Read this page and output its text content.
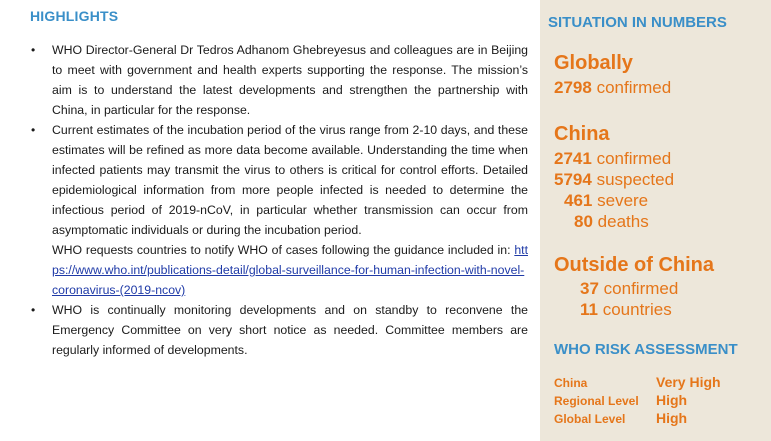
HIGHLIGHTS
• WHO Director-General Dr Tedros Adhanom Ghebreyesus and colleagues are in Beijing to meet with government and health experts supporting the response. The mission’s aim is to understand the latest developments and strengthen the partnership with China, in particular for the response.

• Current estimates of the incubation period of the virus range from 2-10 days, and these estimates will be refined as more data become available. Understanding the time when infected patients may transmit the virus to others is critical for control efforts. Detailed epidemiological information from more people infected is needed to determine the infectious period of 2019-nCoV, in particular whether transmission can occur from asymptomatic individuals or during the incubation period.

WHO requests countries to notify WHO of cases following the guidance included in: https://www.who.int/publications-detail/global-surveillance-for-human-infection-with-novel-coronavirus-(2019-ncov)

• WHO is continually monitoring developments and on standby to reconvene the Emergency Committee on very short notice as needed. Committee members are regularly informed of developments.

SITUATION IN NUMBERS
Globally
2798 confirmed
China
2741 confirmed
5794 suspected
461 severe
80 deaths
Outside of China
37 confirmed
11 countries
WHO RISK ASSESSMENT
China	Very High
Regional Level High
Global Level High
